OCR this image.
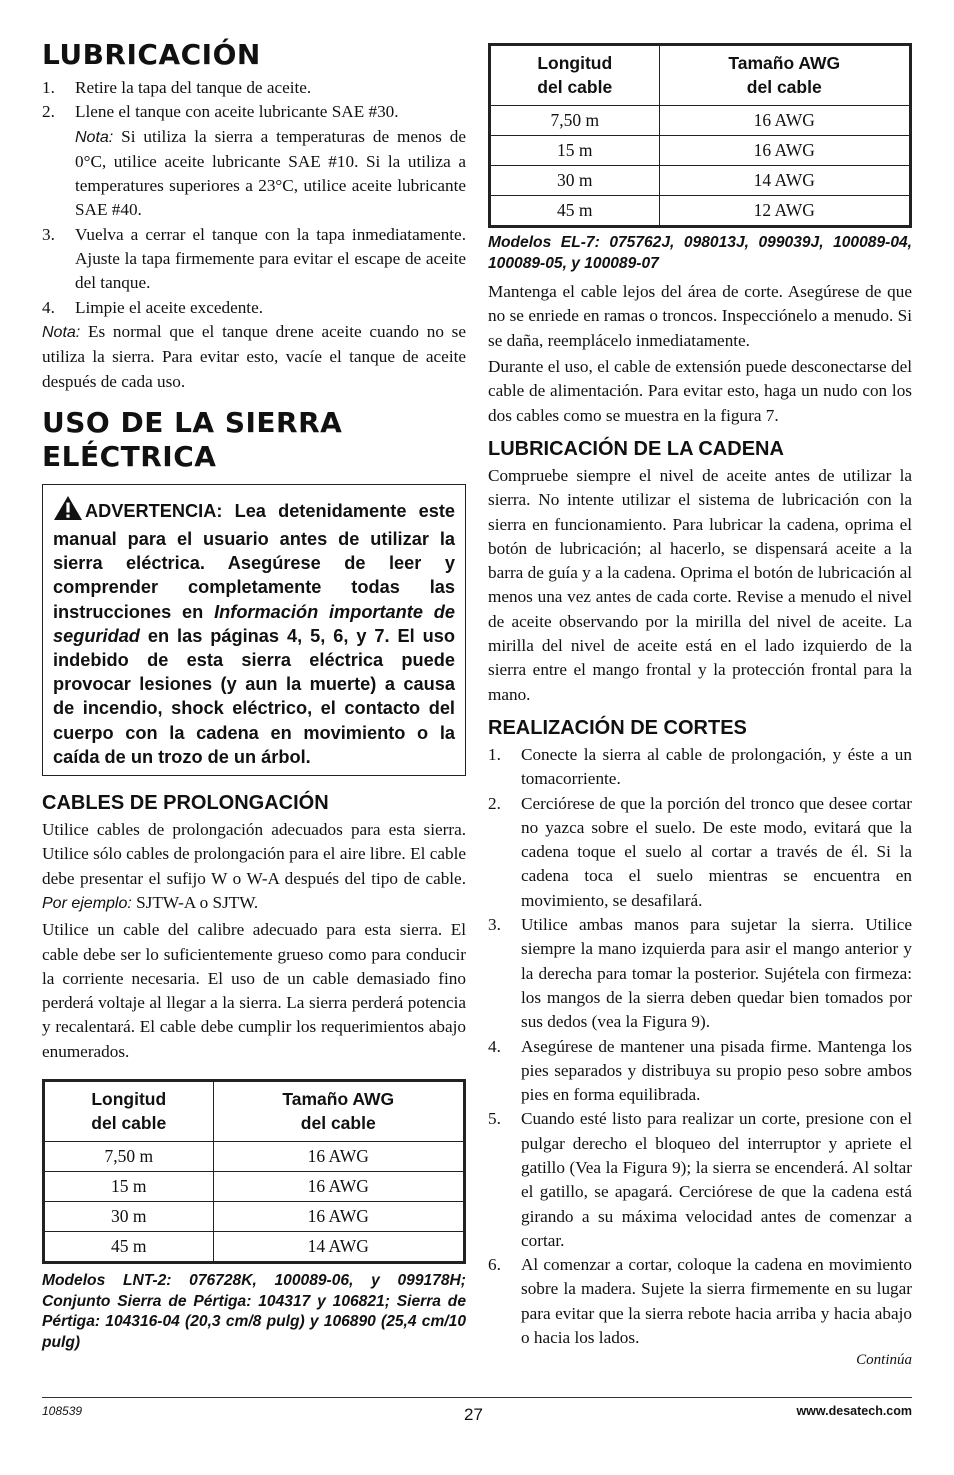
LUBRICACIÓN
1. Retire la tapa del tanque de aceite.
2. Llene el tanque con aceite lubricante SAE #30.
Nota: Si utiliza la sierra a temperaturas de menos de 0°C, utilice aceite lubricante SAE #10. Si la utiliza a temperatures superiores a 23°C, utilice aceite lubricante SAE #40.
3. Vuelva a cerrar el tanque con la tapa inmediatamente. Ajuste la tapa firmemente para evitar el escape de aceite del tanque.
4. Limpie el aceite excedente.

Nota: Es normal que el tanque drene aceite cuando no se utiliza la sierra. Para evitar esto, vacíe el tanque de aceite después de cada uso.

USO DE LA SIERRA
ELÉCTRICA

ADVERTENCIA: Lea detenidamente este manual para el usuario antes de utilizar la sierra eléctrica. Asegúrese de leer y comprender completamente todas las instrucciones en Información importante de seguridad en las páginas 4, 5, 6, y 7. El uso indebido de esta sierra eléctrica puede provocar lesiones (y aun la muerte) a causa de incendio, shock eléctrico, el contacto del cuerpo con la cadena en movimiento o la caída de un trozo de un árbol.

CABLES DE PROLONGACIÓN

Utilice cables de prolongación adecuados para esta sierra. Utilice sólo cables de prolongación para el aire libre. El cable debe presentar el sufijo W o W-A después del tipo de cable. Por ejemplo: SJTW-A o SJTW.

Utilice un cable del calibre adecuado para esta sierra. El cable debe ser lo suficientemente grueso como para conducir la corriente necesaria. El uso de un cable demasiado fino perderá voltaje al llegar a la sierra. La sierra perderá potencia y recalentará. El cable debe cumplir los requerimientos abajo enumerados.

Longitud
del cable	Tamaño AWG
del cable
7,50 m	16 AWG
15 m	16 AWG
30 m	16 AWG
45 m	14 AWG

Modelos LNT-2: 076728K, 100089-06, y 099178H; Conjunto Sierra de Pértiga: 104317 y 106821; Sierra de Pértiga: 104316-04 (20,3 cm/8 pulg) y 106890 (25,4 cm/10 pulg)

Longitud
del cable	Tamaño AWG
del cable
7,50 m	16 AWG
15 m	16 AWG
30 m	14 AWG
45 m	12 AWG

Modelos EL-7: 075762J, 098013J, 099039J, 100089-04, 100089-05, y 100089-07

Mantenga el cable lejos del área de corte. Asegúrese de que no se enriede en ramas o troncos. Inspecciónelo a menudo. Si se daña, reemplácelo inmediatamente.

Durante el uso, el cable de extensión puede desconectarse del cable de alimentación. Para evitar esto, haga un nudo con los dos cables como se muestra en la figura 7.

LUBRICACIÓN DE LA CADENA

Compruebe siempre el nivel de aceite antes de utilizar la sierra. No intente utilizar el sistema de lubricación con la sierra en funcionamiento. Para lubricar la cadena, oprima el botón de lubricación; al hacerlo, se dispensará aceite a la barra de guía y a la cadena. Oprima el botón de lubricación al menos una vez antes de cada corte. Revise a menudo el nivel de aceite observando por la mirilla del nivel de aceite. La mirilla del nivel de aceite está en el lado izquierdo de la sierra entre el mango frontal y la protección frontal para la mano.

REALIZACIÓN DE CORTES
1. Conecte la sierra al cable de prolongación, y éste a un tomacorriente.
2. Cerciórese de que la porción del tronco que desee cortar no yazca sobre el suelo. De este modo, evitará que la cadena toque el suelo al cortar a través de él. Si la cadena toca el suelo mientras se encuentra en movimiento, se desafilará.
3. Utilice ambas manos para sujetar la sierra. Utilice siempre la mano izquierda para asir el mango anterior y la derecha para tomar la posterior. Sujétela con firmeza: los mangos de la sierra deben quedar bien tomados por sus dedos (vea la Figura 9).
4. Asegúrese de mantener una pisada firme. Mantenga los pies separados y distribuya su propio peso sobre ambos pies en forma equilibrada.
5. Cuando esté listo para realizar un corte, presione con el pulgar derecho el bloqueo del interruptor y apriete el gatillo (Vea la Figura 9); la sierra se encenderá. Al soltar el gatillo, se apagará. Cerciórese de que la cadena está girando a su máxima velocidad antes de comenzar a cortar.
6. Al comenzar a cortar, coloque la cadena en movimiento sobre la madera. Sujete la sierra firmemente en su lugar para evitar que la sierra rebote hacia arriba y hacia abajo o hacia los lados.

Continúa

108539	27	www.desatech.com
